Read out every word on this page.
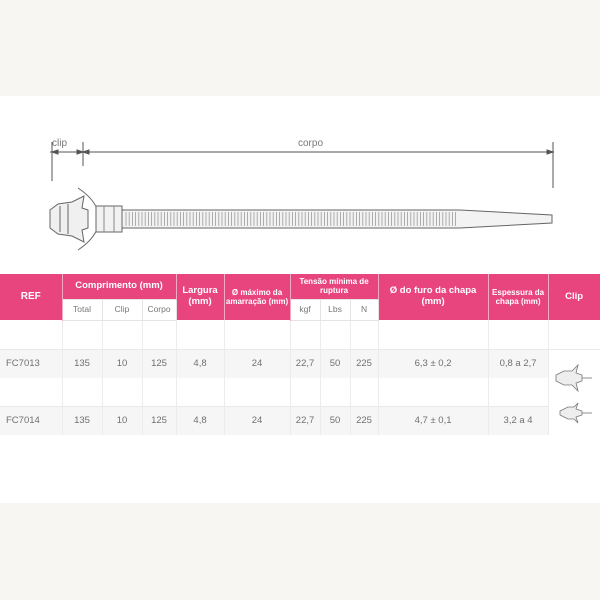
clip	corpo
REF	Comprimento (mm)			Largura (mm)	Ø máximo da amarração (mm)	Tensão mínima de ruptura			Ø do furo da chapa (mm)	Espessura da chapa (mm)	Clip
	Total	Clip	Corpo			kgf	Lbs	N			

FC7013	135	10	125	4,8	24	22,7	50	225	6,3 ± 0,2	0,8 a 2,7	

FC7014	135	10	125	4,8	24	22,7	50	225	4,7 ± 0,1	3,2 a 4	
